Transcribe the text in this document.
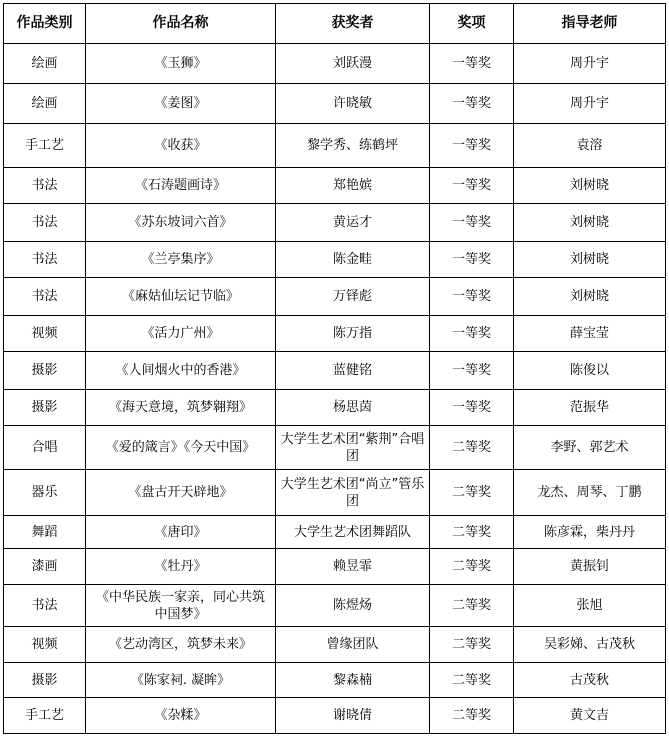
作品类别	作品名称	获奖者	奖项	指导老师
绘画	《玉狮》	刘跃漫	一等奖	周升宇
绘画	《姜图》	许晓敏	一等奖	周升宇
手工艺	《收获》	黎学秀、练鹤坪	一等奖	袁溶
书法	《石涛题画诗》	郑艳嫔	一等奖	刘树晓
书法	《苏东坡词六首》	黄运才	一等奖	刘树晓
书法	《兰亭集序》	陈金畦	一等奖	刘树晓
书法	《麻姑仙坛记节临》	万铎彪	一等奖	刘树晓
视频	《活力广州》	陈万指	一等奖	薛宝莹
摄影	《人间烟火中的香港》	蓝健铭	一等奖	陈俊以
摄影	《海天意境，筑梦翱翔》	杨思茵	一等奖	范振华
合唱	《爱的箴言》《今天中国》	大学生艺术团“紫荆”合唱团	二等奖	李野、郭艺术
器乐	《盘古开天辟地》	大学生艺术团“尚立”管乐团	二等奖	龙杰、周琴、丁鹏
舞蹈	《唐印》	大学生艺术团舞蹈队	二等奖	陈彦霖，柴丹丹
漆画	《牡丹》	赖昱霏	二等奖	黄振钊
书法	《中华民族一家亲，同心共筑中国梦》	陈煜炀	二等奖	张旭
视频	《艺动湾区，筑梦未来》	曾缘团队	二等奖	吴彩娣、古茂秋
摄影	《陈家祠. 凝眸》	黎森楠	二等奖	古茂秋
手工艺	《杂糅》	谢晓倩	二等奖	黄文吉
